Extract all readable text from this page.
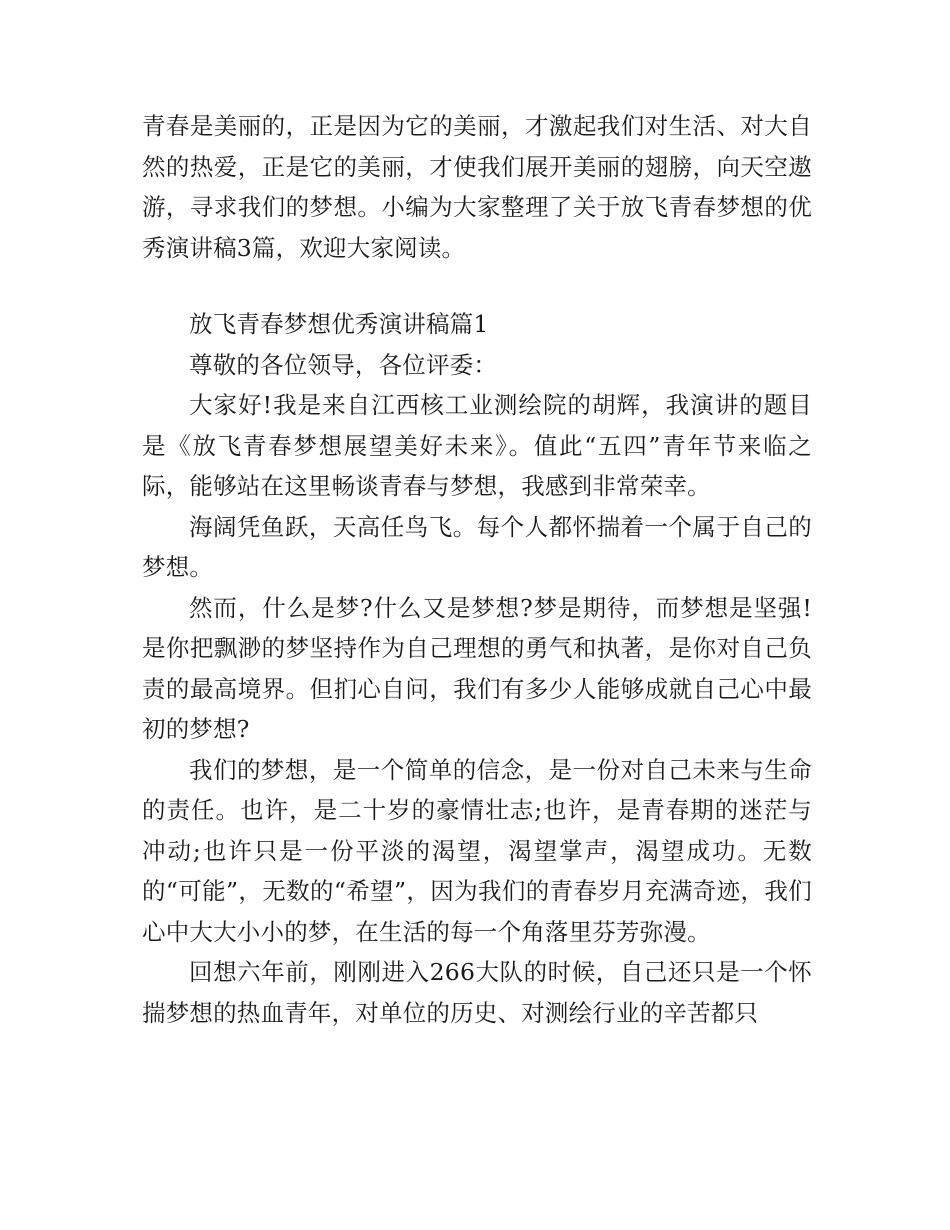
青春是美丽的，正是因为它的美丽，才激起我们对生活、对大自然的热爱，正是它的美丽，才使我们展开美丽的翅膀，向天空遨游，寻求我们的梦想。小编为大家整理了关于放飞青春梦想的优秀演讲稿3篇，欢迎大家阅读。

放飞青春梦想优秀演讲稿篇1

尊敬的各位领导，各位评委：

大家好!我是来自江西核工业测绘院的胡辉，我演讲的题目是《放飞青春梦想展望美好未来》。值此“五四”青年节来临之际，能够站在这里畅谈青春与梦想，我感到非常荣幸。

海阔凭鱼跃，天高任鸟飞。每个人都怀揣着一个属于自己的梦想。

然而，什么是梦?什么又是梦想?梦是期待，而梦想是坚强!是你把飘渺的梦坚持作为自己理想的勇气和执著，是你对自己负责的最高境界。但扪心自问，我们有多少人能够成就自己心中最初的梦想?

我们的梦想，是一个简单的信念，是一份对自己未来与生命的责任。也许，是二十岁的豪情壮志;也许，是青春期的迷茫与冲动;也许只是一份平淡的渴望，渴望掌声，渴望成功。无数的“可能”，无数的“希望”，因为我们的青春岁月充满奇迹，我们心中大大小小的梦，在生活的每一个角落里芬芳弥漫。

回想六年前，刚刚进入266大队的时候，自己还只是一个怀揣梦想的热血青年，对单位的历史、对测绘行业的辛苦都只
